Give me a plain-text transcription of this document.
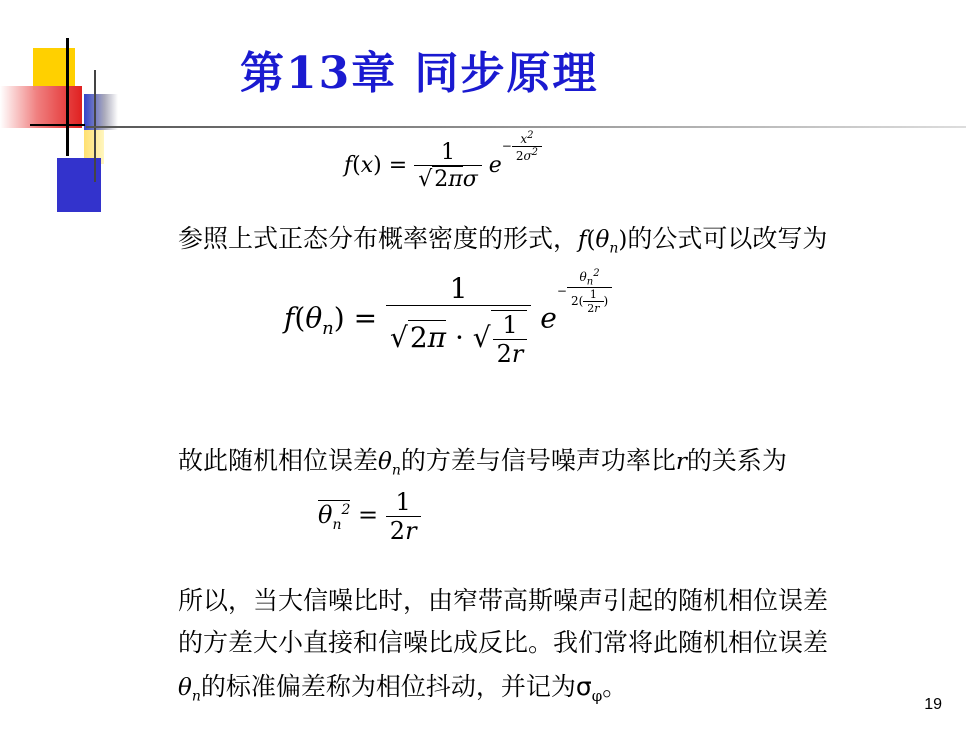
第13章 同步原理
$f(x) = \frac{1}{√2\pi\sigma} e^{- \frac{x^2}{2\sigma^2}}$
参照上式正态分布概率密度的形式，$f(\theta_n)$的公式可以改写为
$f(\theta_n) = \frac{1}{√2\pi \cdot √ \frac{1}{2r}} e^{- \frac{\theta_n^2}{2( \frac{1}{2r} )}}$
故此随机相位误差$\theta_n$的方差与信号噪声功率比r的关系为
$\theta_n^2 = \frac{1}{2r}$
所以，当大信噪比时，由窄带高斯噪声引起的随机相位误差
的方差大小直接和信噪比成反比。我们常将此随机相位误差
$\theta_n$的标准偏差称为相位抖动，并记为$\sigma_\varphi$。
19
